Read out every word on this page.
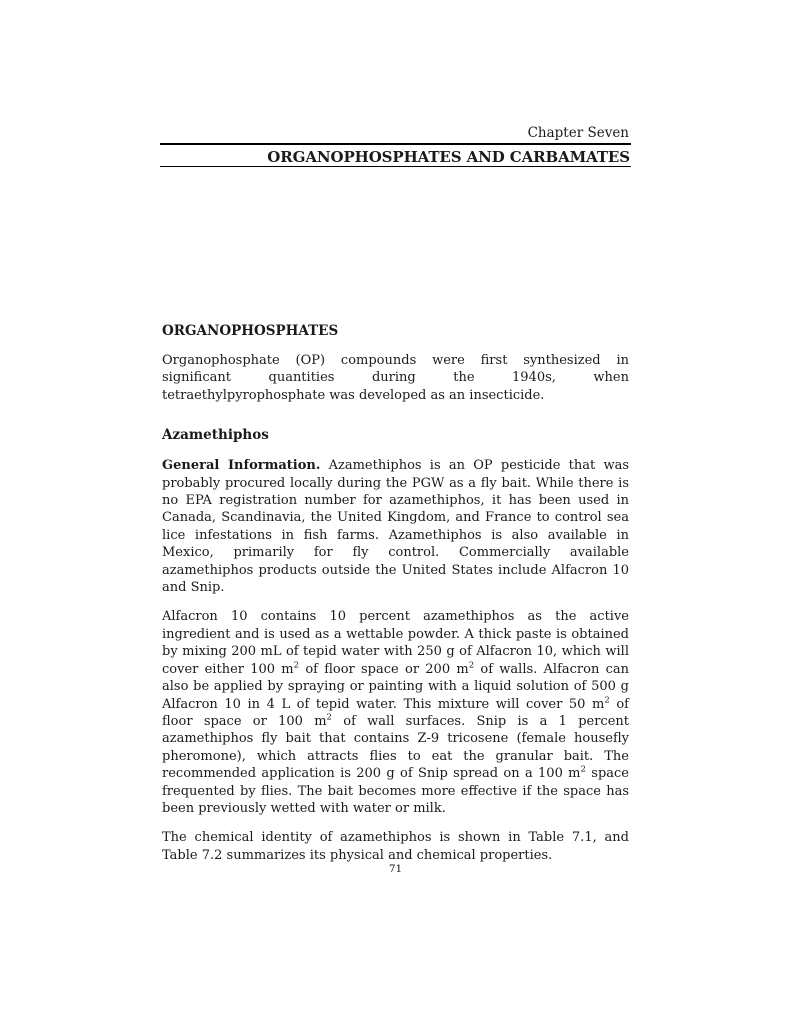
Chapter Seven
ORGANOPHOSPHATES AND CARBAMATES
ORGANOPHOSPHATES

Organophosphate (OP) compounds were first synthesized in significant quantities during the 1940s, when tetraethylpyrophosphate was developed as an insecticide.

Azamethiphos

General Information. Azamethiphos is an OP pesticide that was probably procured locally during the PGW as a fly bait. While there is no EPA registration number for azamethiphos, it has been used in Canada, Scandinavia, the United Kingdom, and France to control sea lice infestations in fish farms. Azamethiphos is also available in Mexico, primarily for fly control. Commercially available azamethiphos products outside the United States include Alfacron 10 and Snip.

Alfacron 10 contains 10 percent azamethiphos as the active ingredient and is used as a wettable powder. A thick paste is obtained by mixing 200 mL of tepid water with 250 g of Alfacron 10, which will cover either 100 $m^2$ of floor space or 200 $m^2$ of walls. Alfacron can also be applied by spraying or painting with a liquid solution of 500 g Alfacron 10 in 4 L of tepid water. This mixture will cover 50 $m^2$ of floor space or 100 $m^2$ of wall surfaces. Snip is a 1 percent azamethiphos fly bait that contains Z-9 tricosene (female housefly pheromone), which attracts flies to eat the granular bait. The recommended application is 200 g of Snip spread on a 100 $m^2$ space frequented by flies. The bait becomes more effective if the space has been previously wetted with water or milk.

The chemical identity of azamethiphos is shown in Table 7.1, and Table 7.2 summarizes its physical and chemical properties.

71
